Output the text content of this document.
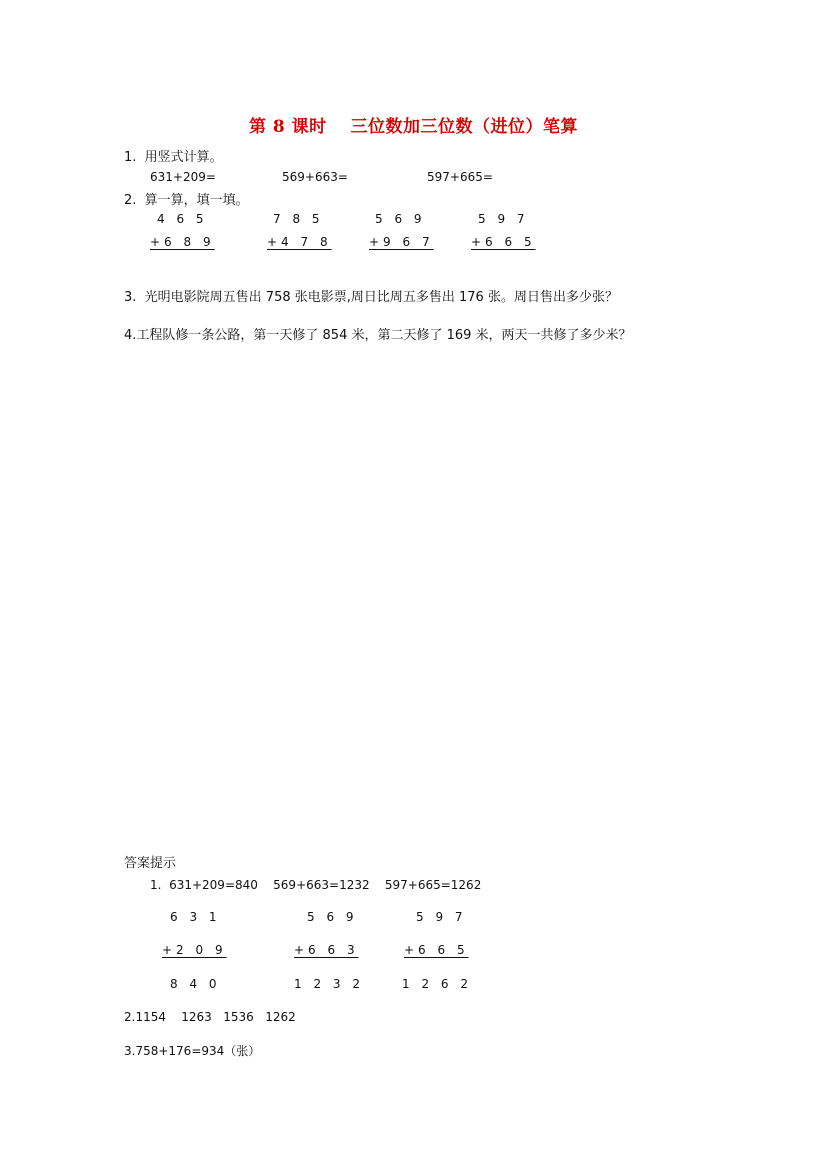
第 8 课时　 三位数加三位数（进位）笔算
1.  用竖式计算。
631+209=	569+663=	597+665=
2.  算一算，填一填。
4 6 5	7 8 5	5 6 9	5 9 7
+6 8 9	+4 7 8	+9 6 7	+6 6 5
3.  光明电影院周五售出 758 张电影票,周日比周五多售出 176 张。周日售出多少张？
4.工程队修一条公路，第一天修了 854 米，第二天修了 169 米，两天一共修了多少米？
答案提示
1.  631+209=840    569+663=1232    597+665=1262
6 3 1	5 6 9	5 9 7
+2 0 9	+6 6 3	+6 6 5
8 4 0	1 2 3 2	1 2 6 2
2.1154    1263   1536   1262
3.758+176=934（张）
